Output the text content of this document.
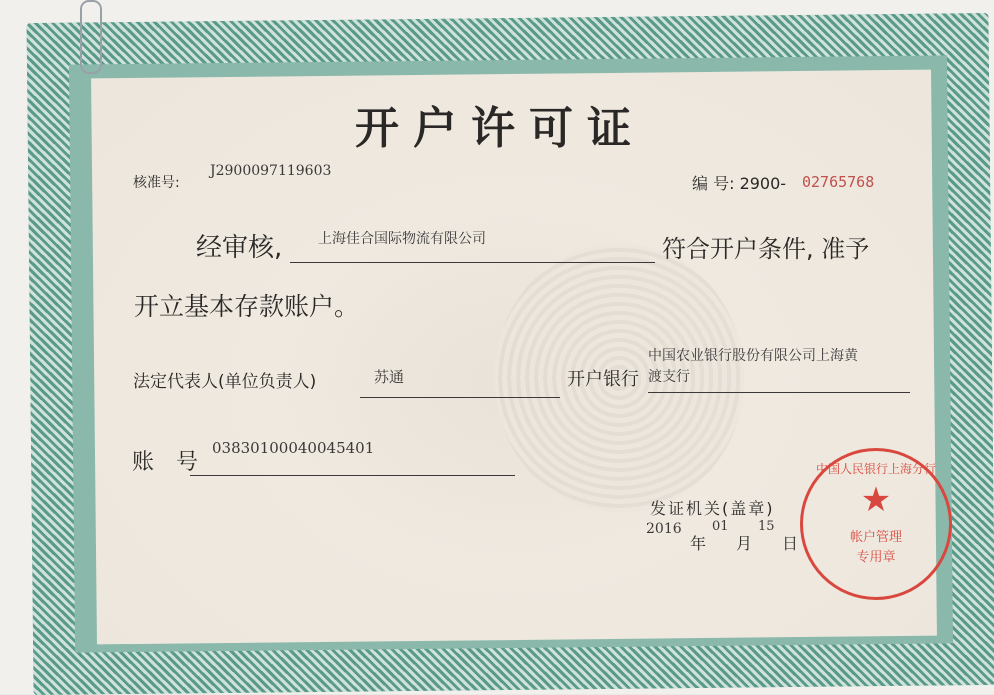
开户许可证
核准号:
J2900097119603
编 号: 2900- 02765768
经审核,	上海佳合国际物流有限公司	符合开户条件, 准予
开立基本存款账户。
法定代表人(单位负责人)	苏通	开户银行
中国农业银行股份有限公司上海黄
渡支行
账　号
03830100040045401
发证机关(盖章)
2016
年
01
月
15
日
中国人民银行上海分行
★
帐户管理
专用章
